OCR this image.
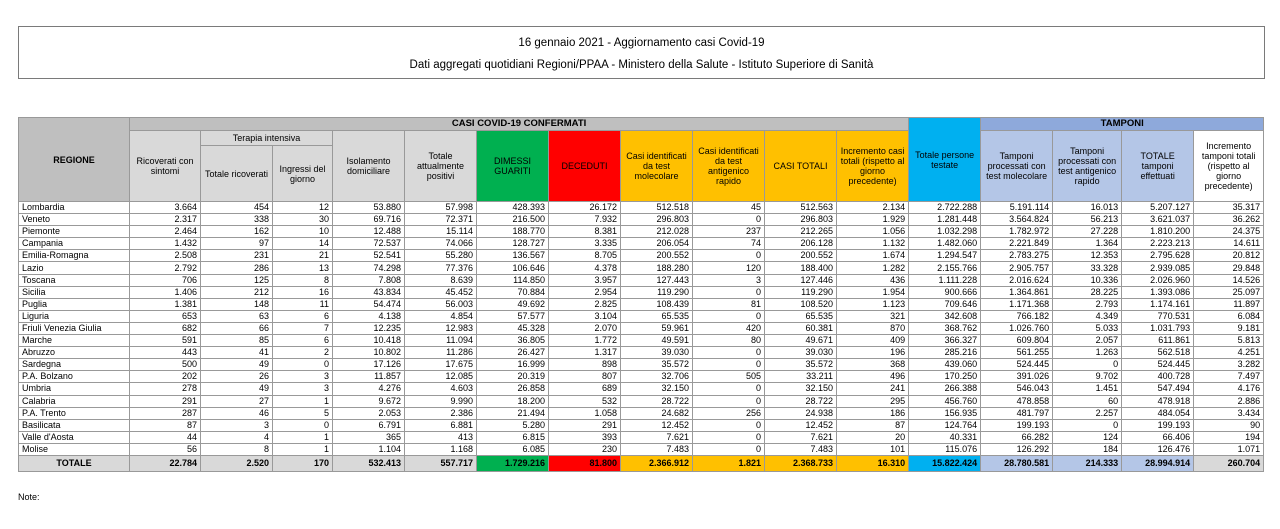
16 gennaio 2021 - Aggiornamento casi Covid-19
Dati aggregati quotidiani Regioni/PPAA - Ministero della Salute - Istituto Superiore di Sanità
REGIONE	CASI COVID-19 CONFERMATI											Totale persone testate	TAMPONI			
	Ricoverati con sintomi	Terapia intensiva		Isolamento domiciliare	Totale attualmente positivi	DIMESSI GUARITI	DECEDUTI	Casi identificati da test molecolare	Casi identificati da test antigenico rapido	CASI TOTALI	Incremento casi totali (rispetto al giorno precedente)		Tamponi processati con test molecolare	Tamponi processati con test antigenico rapido	TOTALE tamponi effettuati	Incremento tamponi totali (rispetto al giorno precedente)
		Totale ricoverati	Ingressi del giorno													
Lombardia	3.664	454	12	53.880	57.998	428.393	26.172	512.518	45	512.563	2.134	2.722.288	5.191.114	16.013	5.207.127	35.317
Veneto	2.317	338	30	69.716	72.371	216.500	7.932	296.803	0	296.803	1.929	1.281.448	3.564.824	56.213	3.621.037	36.262
Piemonte	2.464	162	10	12.488	15.114	188.770	8.381	212.028	237	212.265	1.056	1.032.298	1.782.972	27.228	1.810.200	24.375
Campania	1.432	97	14	72.537	74.066	128.727	3.335	206.054	74	206.128	1.132	1.482.060	2.221.849	1.364	2.223.213	14.611
Emilia-Romagna	2.508	231	21	52.541	55.280	136.567	8.705	200.552	0	200.552	1.674	1.294.547	2.783.275	12.353	2.795.628	20.812
Lazio	2.792	286	13	74.298	77.376	106.646	4.378	188.280	120	188.400	1.282	2.155.766	2.905.757	33.328	2.939.085	29.848
Toscana	706	125	8	7.808	8.639	114.850	3.957	127.443	3	127.446	436	1.111.228	2.016.624	10.336	2.026.960	14.526
Sicilia	1.406	212	16	43.834	45.452	70.884	2.954	119.290	0	119.290	1.954	900.666	1.364.861	28.225	1.393.086	25.097
Puglia	1.381	148	11	54.474	56.003	49.692	2.825	108.439	81	108.520	1.123	709.646	1.171.368	2.793	1.174.161	11.897
Liguria	653	63	6	4.138	4.854	57.577	3.104	65.535	0	65.535	321	342.608	766.182	4.349	770.531	6.084
Friuli Venezia Giulia	682	66	7	12.235	12.983	45.328	2.070	59.961	420	60.381	870	368.762	1.026.760	5.033	1.031.793	9.181
Marche	591	85	6	10.418	11.094	36.805	1.772	49.591	80	49.671	409	366.327	609.804	2.057	611.861	5.813
Abruzzo	443	41	2	10.802	11.286	26.427	1.317	39.030	0	39.030	196	285.216	561.255	1.263	562.518	4.251
Sardegna	500	49	0	17.126	17.675	16.999	898	35.572	0	35.572	368	439.060	524.445	0	524.445	3.282
P.A. Bolzano	202	26	3	11.857	12.085	20.319	807	32.706	505	33.211	496	170.250	391.026	9.702	400.728	7.497
Umbria	278	49	3	4.276	4.603	26.858	689	32.150	0	32.150	241	266.388	546.043	1.451	547.494	4.176
Calabria	291	27	1	9.672	9.990	18.200	532	28.722	0	28.722	295	456.760	478.858	60	478.918	2.886
P.A. Trento	287	46	5	2.053	2.386	21.494	1.058	24.682	256	24.938	186	156.935	481.797	2.257	484.054	3.434
Basilicata	87	3	0	6.791	6.881	5.280	291	12.452	0	12.452	87	124.764	199.193	0	199.193	90
Valle d'Aosta	44	4	1	365	413	6.815	393	7.621	0	7.621	20	40.331	66.282	124	66.406	194
Molise	56	8	1	1.104	1.168	6.085	230	7.483	0	7.483	101	115.076	126.292	184	126.476	1.071
TOTALE	22.784	2.520	170	532.413	557.717	1.729.216	81.800	2.366.912	1.821	2.368.733	16.310	15.822.424	28.780.581	214.333	28.994.914	260.704
Note:
